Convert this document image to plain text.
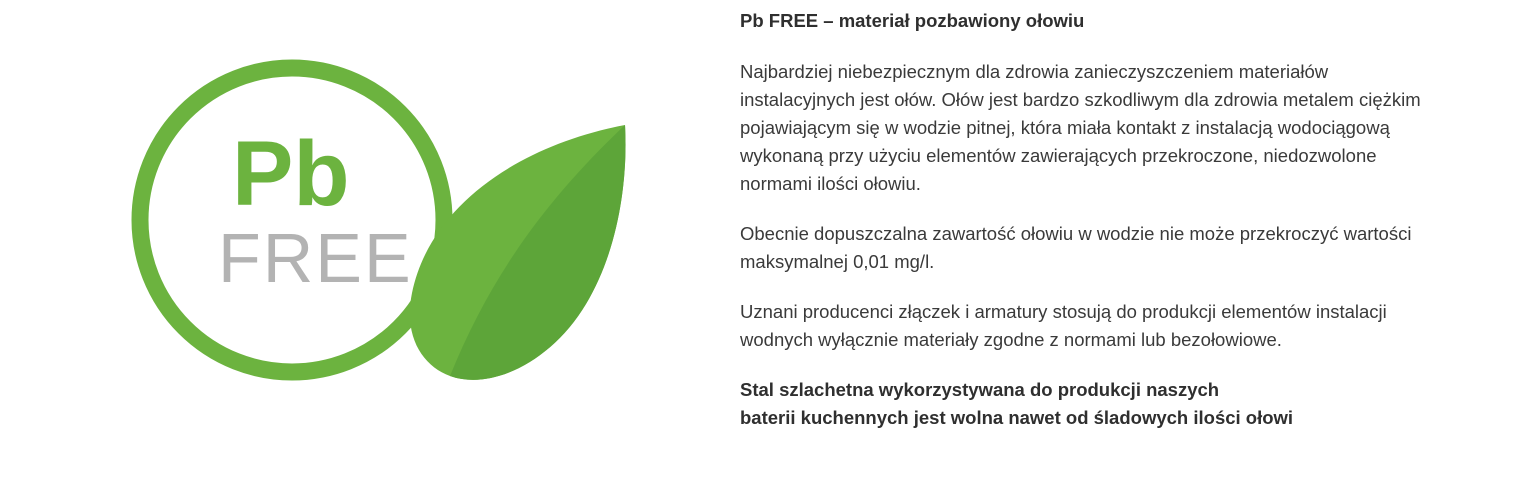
Pb
FREE
Pb FREE – materiał pozbawiony ołowiu

Najbardziej niebezpiecznym dla zdrowia zanieczyszczeniem materiałów instalacyjnych jest ołów. Ołów jest bardzo szkodliwym dla zdrowia metalem ciężkim pojawiającym się w wodzie pitnej, która miała kontakt z instalacją wodociągową wykonaną przy użyciu elementów zawierających przekroczone, niedozwolone normami ilości ołowiu.

Obecnie dopuszczalna zawartość ołowiu w wodzie nie może przekroczyć wartości maksymalnej 0,01 mg/l.

Uznani producenci złączek i armatury stosują do produkcji elementów instalacji wodnych wyłącznie materiały zgodne z normami lub bezołowiowe.

Stal szlachetna wykorzystywana do produkcji naszych
baterii kuchennych jest wolna nawet od śladowych ilości ołowi
